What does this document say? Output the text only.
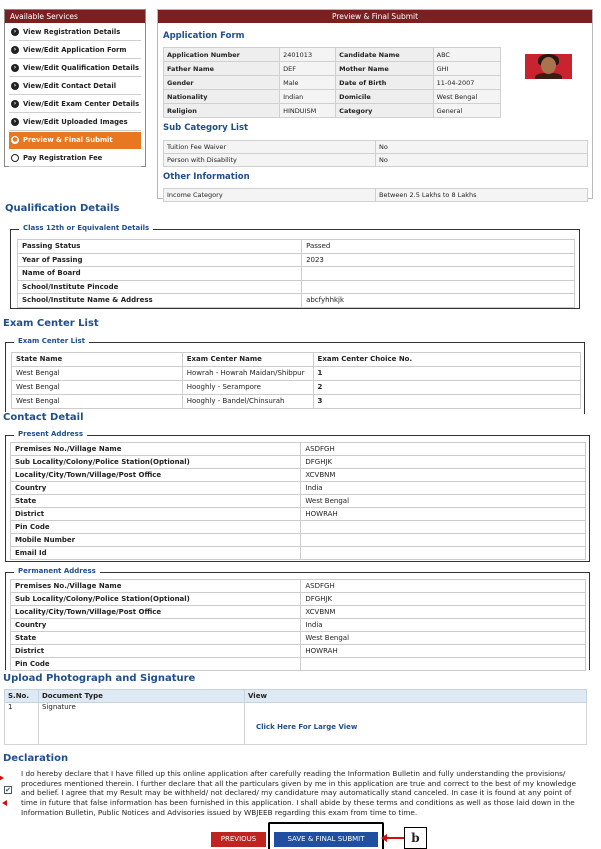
Available Services
› View Registration Details
› View/Edit Application Form
› View/Edit Qualification Details
› View/Edit Contact Detail
› View/Edit Exam Center Details
› View/Edit Uploaded Images
● Preview & Final Submit
Pay Registration Fee
Preview & Final Submit
Application Form
Application Number	2401013	Candidate Name	ABC
Father Name	DEF	Mother Name	GHI
Gender	Male	Date of Birth	11-04-2007
Nationality	Indian	Domicile	West Bengal
Religion	HINDUISM	Category	General
Sub Category List
Tuition Fee Waiver	No
Person with Disability	No
Other Information
Income Category	Between 2.5 Lakhs to 8 Lakhs
Qualification Details
Class 12th or Equivalent Details
Passing Status	Passed
Year of Passing	2023
Name of Board	
School/Institute Pincode	
School/Institute Name & Address	abcfyhhkjk
Exam Center List
Exam Center List
State Name	Exam Center Name	Exam Center Choice No.
West Bengal	Howrah - Howrah Maidan/Shibpur	1
West Bengal	Hooghly - Serampore	2
West Bengal	Hooghly - Bandel/Chinsurah	3
Contact Detail
Present Address
Premises No./Village Name	ASDFGH
Sub Locality/Colony/Police Station(Optional)	DFGHJK
Locality/City/Town/Village/Post Office	XCVBNM
Country	India
State	West Bengal
District	HOWRAH
Pin Code	
Mobile Number	
Email Id	
Permanent Address
Premises No./Village Name	ASDFGH
Sub Locality/Colony/Police Station(Optional)	DFGHJK
Locality/City/Town/Village/Post Office	XCVBNM
Country	India
State	West Bengal
District	HOWRAH
Pin Code	
Upload Photograph and Signature
S.No.	Document Type	View
1	Signature	Click Here For Large View
Declaration
✔
I do hereby declare that I have filled up this online application after carefully reading the Information Bulletin and fully understanding the provisions/ procedures mentioned therein. I further declare that all the particulars given by me in this application are true and correct to the best of my knowledge and belief. I agree that my Result may be withheld/ not declared/ my candidature may automatically stand canceled. In case it is found at any point of time in future that false information has been furnished in this application. I shall abide by these terms and conditions as well as those laid down in the Information Bulletin, Public Notices and Advisories issued by WBJEEB regarding this exam from time to time.
PREVIOUS	SAVE & FINAL SUBMIT	b
